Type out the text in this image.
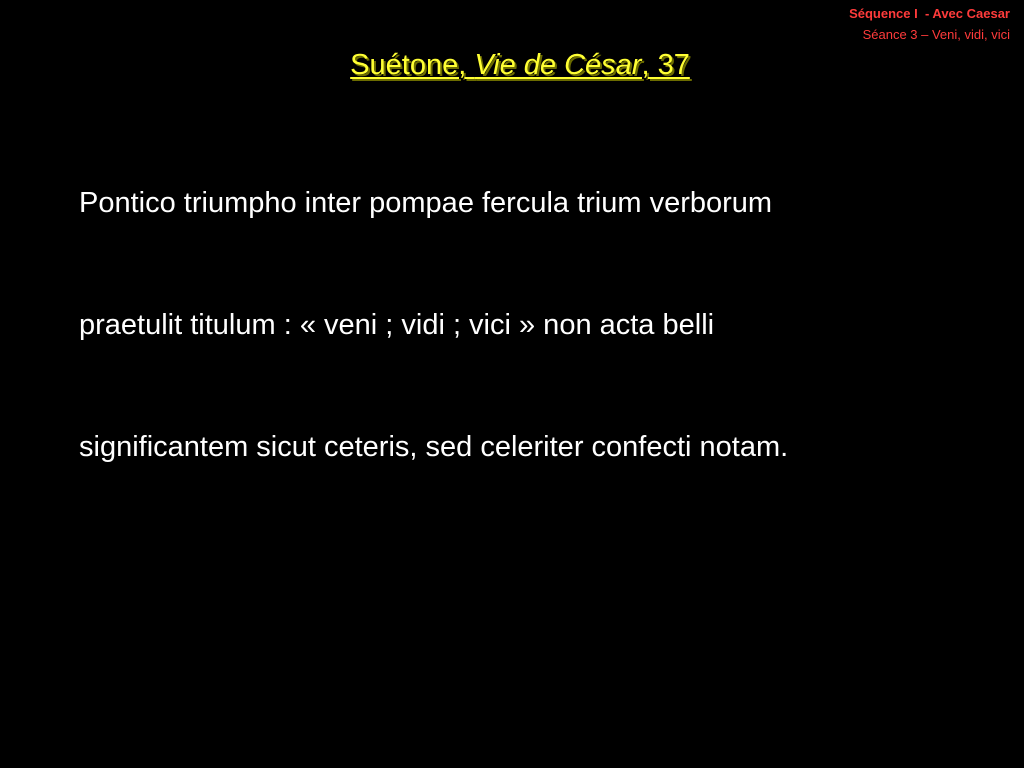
Séquence I  - Avec Caesar
Séance 3 – Veni, vidi, vici
Suétone, Vie de César, 37
Pontico triumpho inter pompae fercula trium verborum
praetulit titulum : « veni ; vidi ; vici » non acta belli
significantem sicut ceteris, sed celeriter confecti notam.
